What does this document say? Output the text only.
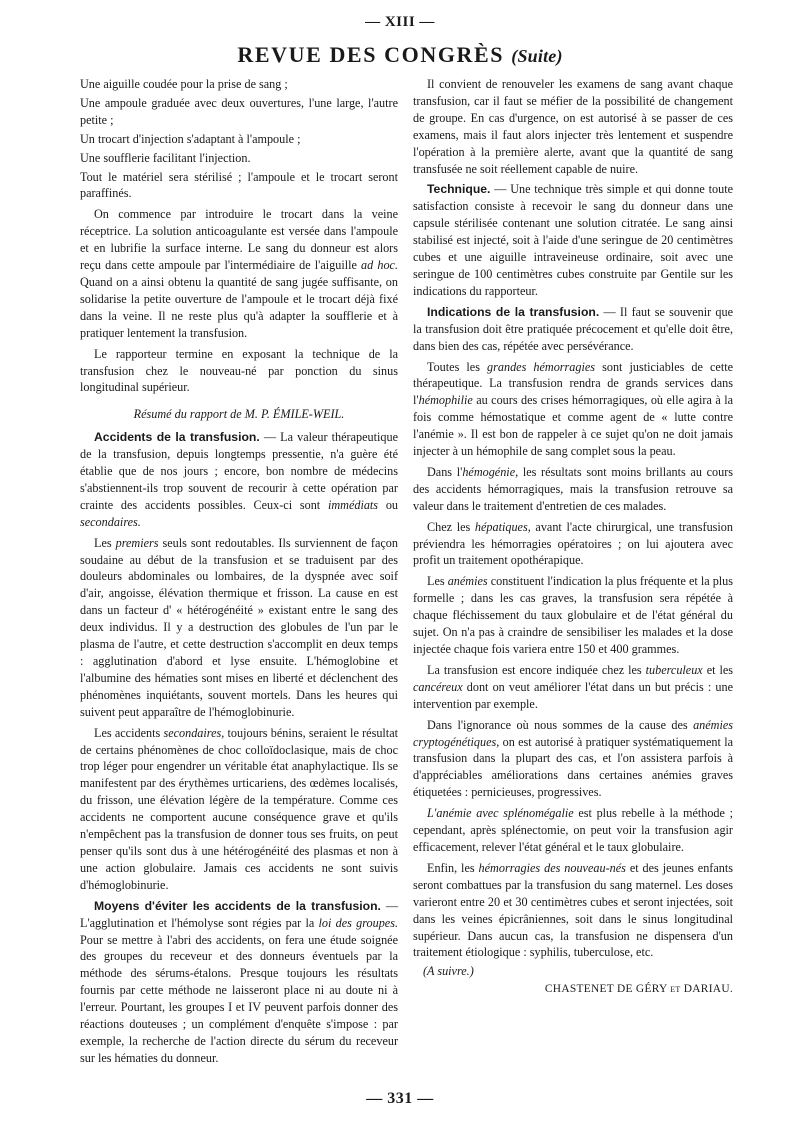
— XIII —
REVUE DES CONGRÈS (Suite)

Une aiguille coudée pour la prise de sang ;

Une ampoule graduée avec deux ouvertures, l'une large, l'autre petite ;

Un trocart d'injection s'adaptant à l'ampoule ;

Une soufflerie facilitant l'injection.

Tout le matériel sera stérilisé ; l'ampoule et le trocart seront paraffinés.

On commence par introduire le trocart dans la veine réceptrice. La solution anticoagulante est versée dans l'ampoule et en lubrifie la surface interne. Le sang du donneur est alors reçu dans cette ampoule par l'intermédiaire de l'aiguille ad hoc. Quand on a ainsi obtenu la quantité de sang jugée suffisante, on solidarise la petite ouverture de l'ampoule et le trocart déjà fixé dans la veine. Il ne reste plus qu'à adapter la soufflerie et à pratiquer lentement la transfusion.

Le rapporteur termine en exposant la technique de la transfusion chez le nouveau-né par ponction du sinus longitudinal supérieur.

Résumé du rapport de M. P. ÉMILE-WEIL.

Accidents de la transfusion. — La valeur thérapeutique de la transfusion, depuis longtemps pressentie, n'a guère été établie que de nos jours ; encore, bon nombre de médecins s'abstiennent-ils trop souvent de recourir à cette opération par crainte des accidents possibles. Ceux-ci sont immédiats ou secondaires.

Les premiers seuls sont redoutables. Ils surviennent de façon soudaine au début de la transfusion et se traduisent par des douleurs abdominales ou lombaires, de la dyspnée avec soif d'air, angoisse, élévation thermique et frisson. La cause en est dans un facteur d' « hétérogénéité » existant entre le sang des deux individus. Il y a destruction des globules de l'un par le plasma de l'autre, et cette destruction s'accomplit en deux temps : agglutination d'abord et lyse ensuite. L'hémoglobine et l'albumine des hématies sont mises en liberté et déclenchent des phénomènes inquiétants, souvent mortels. Dans les heures qui suivent peut apparaître de l'hémoglobinurie.

Les accidents secondaires, toujours bénins, seraient le résultat de certains phénomènes de choc colloïdoclasique, mais de choc trop léger pour engendrer un véritable état anaphylactique. Ils se manifestent par des érythèmes urticariens, des œdèmes localisés, du frisson, une élévation légère de la température. Comme ces accidents ne comportent aucune conséquence grave et qu'ils n'empêchent pas la transfusion de donner tous ses fruits, on peut penser qu'ils sont dus à une hétérogénéité des plasmas et non à une action globulaire. Jamais ces accidents ne sont suivis d'hémoglobinurie.

Moyens d'éviter les accidents de la transfusion. — L'agglutination et l'hémolyse sont régies par la loi des groupes. Pour se mettre à l'abri des accidents, on fera une étude soignée des groupes du receveur et des donneurs éventuels par la méthode des sérums-étalons. Presque toujours les résultats fournis par cette méthode ne laisseront place ni au doute ni à l'erreur. Pourtant, les groupes I et IV peuvent parfois donner des réactions douteuses ; un complément d'enquête s'impose : par exemple, la recherche de l'action directe du sérum du receveur sur les hématies du donneur.

Il convient de renouveler les examens de sang avant chaque transfusion, car il faut se méfier de la possibilité de changement de groupe. En cas d'urgence, on est autorisé à se passer de ces examens, mais il faut alors injecter très lentement et suspendre l'opération à la première alerte, avant que la quantité de sang transfusée ne soit réellement capable de nuire.

Technique. — Une technique très simple et qui donne toute satisfaction consiste à recevoir le sang du donneur dans une capsule stérilisée contenant une solution citratée. Le sang ainsi stabilisé est injecté, soit à l'aide d'une seringue de 20 centimètres cubes et une aiguille intraveineuse ordinaire, soit avec une seringue de 100 centimètres cubes construite par Gentile sur les indications du rapporteur.

Indications de la transfusion. — Il faut se souvenir que la transfusion doit être pratiquée précocement et qu'elle doit être, dans bien des cas, répétée avec persévérance.

Toutes les grandes hémorragies sont justiciables de cette thérapeutique. La transfusion rendra de grands services dans l'hémophilie au cours des crises hémorragiques, où elle agira à la fois comme hémostatique et comme agent de « lutte contre l'anémie ». Il est bon de rappeler à ce sujet qu'on ne doit jamais injecter à un hémophile de sang complet sous la peau.

Dans l'hémogénie, les résultats sont moins brillants au cours des accidents hémorragiques, mais la transfusion retrouve sa valeur dans le traitement d'entretien de ces malades.

Chez les hépatiques, avant l'acte chirurgical, une transfusion préviendra les hémorragies opératoires ; on lui ajoutera avec profit un traitement opothérapique.

Les anémies constituent l'indication la plus fréquente et la plus formelle ; dans les cas graves, la transfusion sera répétée à chaque fléchissement du taux globulaire et de l'état général du sujet. On n'a pas à craindre de sensibiliser les malades et la dose injectée chaque fois variera entre 150 et 400 grammes.

La transfusion est encore indiquée chez les tuberculeux et les cancéreux dont on veut améliorer l'état dans un but précis : une intervention par exemple.

Dans l'ignorance où nous sommes de la cause des anémies cryptogénétiques, on est autorisé à pratiquer systématiquement la transfusion dans la plupart des cas, et l'on assistera parfois à d'appréciables améliorations dans certaines anémies graves étiquetées : pernicieuses, progressives.

L'anémie avec splénomégalie est plus rebelle à la méthode ; cependant, après splénectomie, on peut voir la transfusion agir efficacement, relever l'état général et le taux globulaire.

Enfin, les hémorragies des nouveau-nés et des jeunes enfants seront combattues par la transfusion du sang maternel. Les doses varieront entre 20 et 30 centimètres cubes et seront injectées, soit dans les veines épicrâniennes, soit dans le sinus longitudinal supérieur. Dans aucun cas, la transfusion ne dispensera d'un traitement étiologique : syphilis, tuberculose, etc.

(A suivre.)
CHASTENET DE GÉRY et DARIAU.
— 331 —
